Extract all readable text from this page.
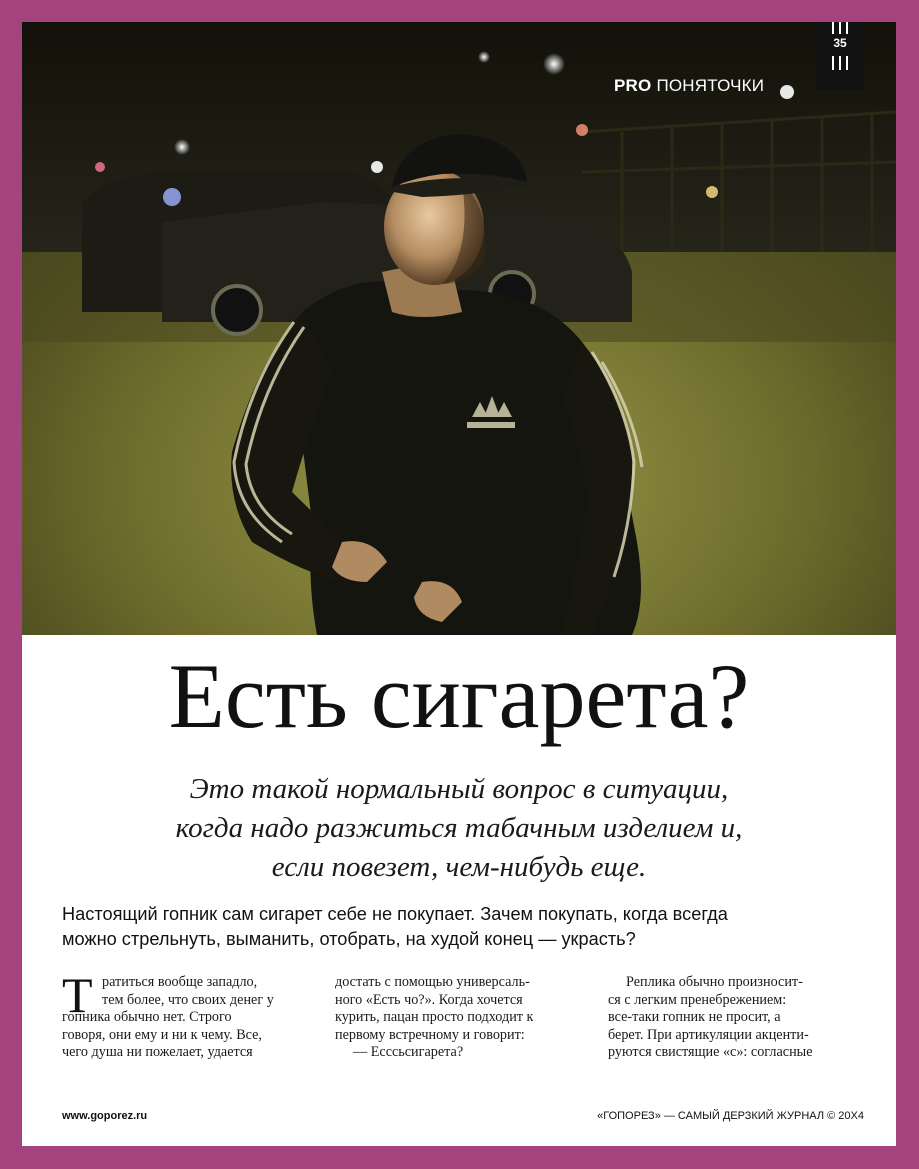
PRO ПОНЯТОЧКИ
35
Есть сигарета?

Это такой нормальный вопрос в ситуации,
когда надо разжиться табачным изделием и,
если повезет, чем-нибудь еще.

Настоящий гопник сам сигарет себе не покупает. Зачем покупать, когда всегда
можно стрельнуть, выманить, отобрать, на худой конец — украсть?

Т ратиться вообще западло,
тем более, что своих денег у
гопника обычно нет. Строго
говоря, они ему и ни к чему. Все,
чего душа ни пожелает, удается
достать с помощью универсаль-
ного «Есть чо?». Когда хочется
курить, пацан просто подходит к
первому встречному и говорит:
— Есссьсигарета?
Реплика обычно произносит-
ся с легким пренебрежением:
все-таки гопник не просит, а
берет. При артикуляции акценти-
руются свистящие «с»: согласные
www.goporez.ru	«ГОПОРЕЗ» — САМЫЙ ДЕРЗКИЙ ЖУРНАЛ © 20X4
